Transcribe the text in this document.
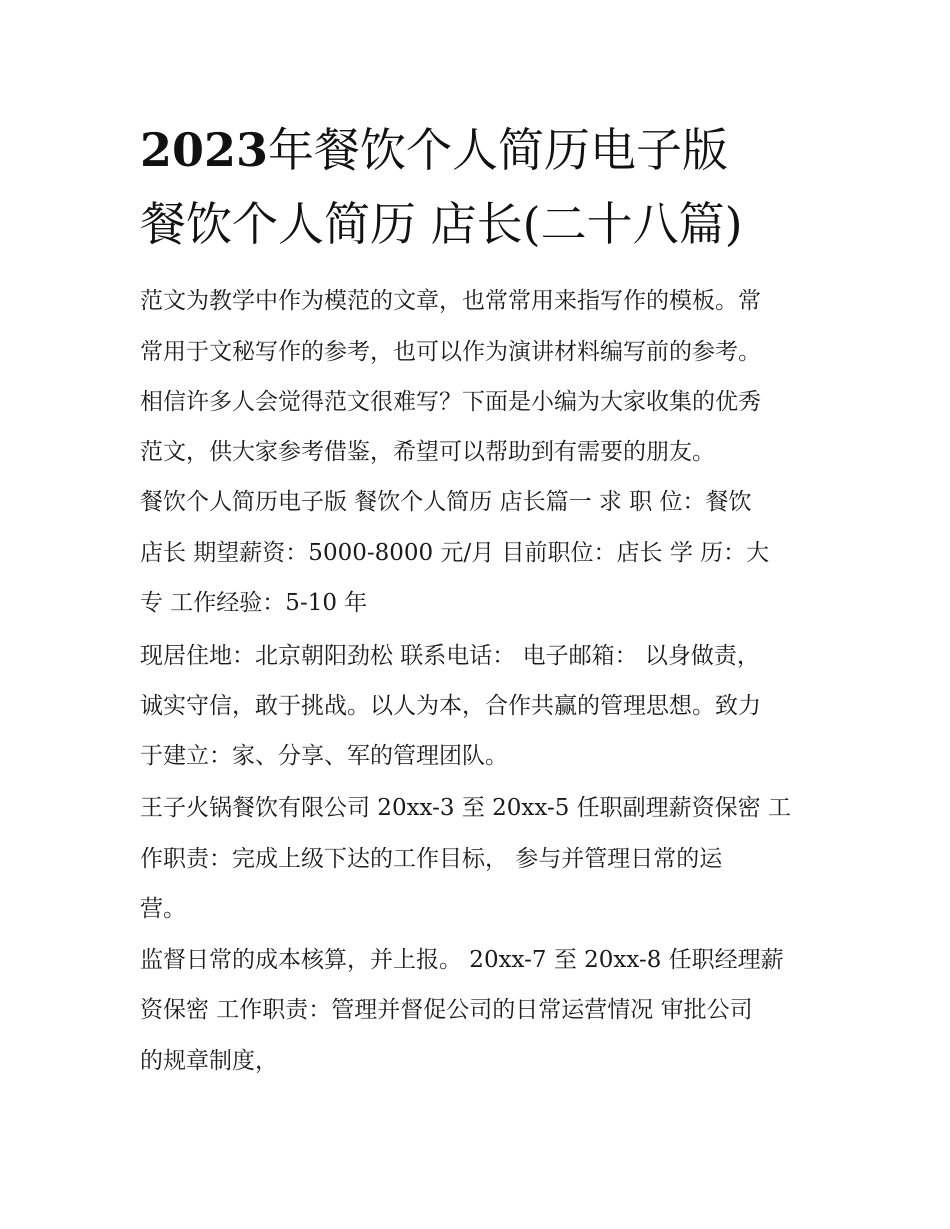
2023年餐饮个人简历电子版
餐饮个人简历 店长(二十八篇)

范文为教学中作为模范的文章，也常常用来指写作的模板。常

常用于文秘写作的参考，也可以作为演讲材料编写前的参考。

相信许多人会觉得范文很难写？下面是小编为大家收集的优秀

范文，供大家参考借鉴，希望可以帮助到有需要的朋友。

餐饮个人简历电子版 餐饮个人简历 店长篇一 求 职 位：餐饮

店长 期望薪资：5000-8000 元/月 目前职位：店长 学 历：大

专 工作经验：5-10 年

现居住地：北京朝阳劲松 联系电话： 电子邮箱： 以身做责，

诚实守信，敢于挑战。以人为本，合作共赢的管理思想。致力

于建立：家、分享、军的管理团队。

王子火锅餐饮有限公司 20xx-3 至 20xx-5 任职副理薪资保密 工

作职责：完成上级下达的工作目标， 参与并管理日常的运

营。

监督日常的成本核算，并上报。 20xx-7 至 20xx-8 任职经理薪

资保密 工作职责：管理并督促公司的日常运营情况 审批公司

的规章制度，
